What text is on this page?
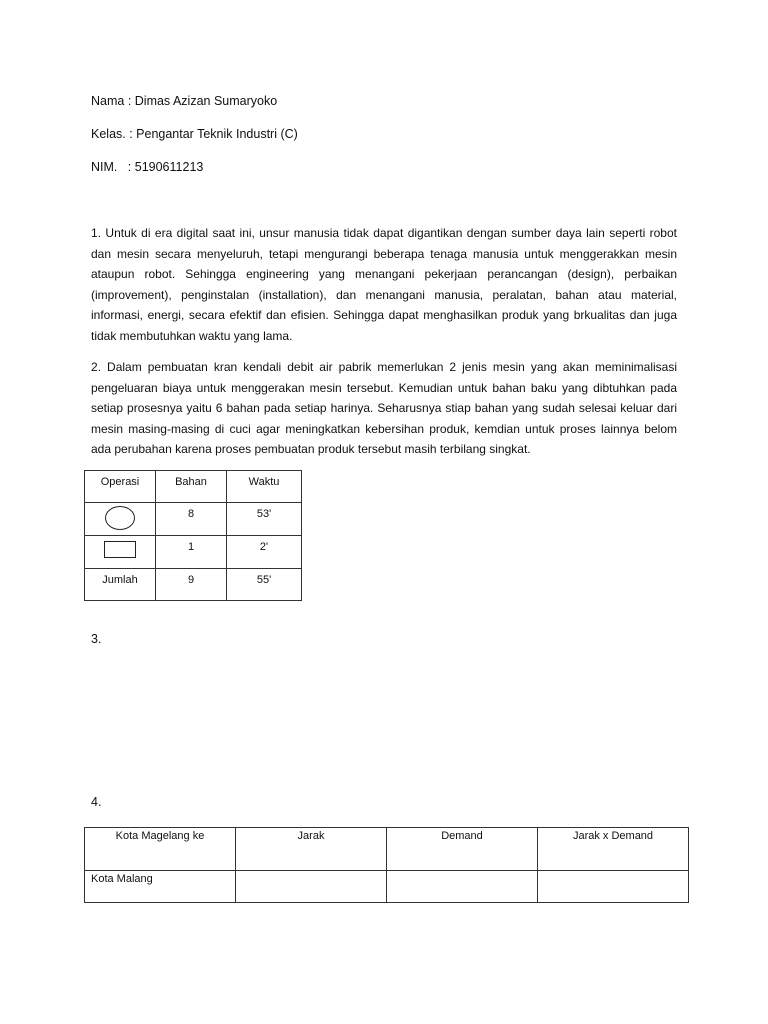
Nama : Dimas Azizan Sumaryoko
Kelas. : Pengantar Teknik Industri (C)
NIM.   : 5190611213

1. Untuk di era digital saat ini, unsur manusia tidak dapat digantikan dengan sumber daya lain seperti robot dan mesin secara menyeluruh, tetapi mengurangi beberapa tenaga manusia untuk menggerakkan mesin ataupun robot. Sehingga engineering yang menangani pekerjaan perancangan (design), perbaikan (improvement), penginstalan (installation), dan menangani manusia, peralatan, bahan atau material, informasi, energi, secara efektif dan efisien. Sehingga dapat menghasilkan produk yang brkualitas dan juga tidak membutuhkan waktu yang lama.

2. Dalam pembuatan kran kendali debit air pabrik memerlukan 2 jenis mesin yang akan meminimalisasi pengeluaran biaya untuk menggerakan mesin tersebut. Kemudian untuk bahan baku yang dibtuhkan pada setiap prosesnya yaitu 6 bahan pada setiap harinya. Seharusnya stiap bahan yang sudah selesai keluar dari mesin masing-masing di cuci agar meningkatkan kebersihan produk, kemdian untuk proses lainnya belom ada perubahan karena proses pembuatan produk tersebut masih terbilang singkat.

Operasi	Bahan	Waktu

	8	53'

	1	2'
Jumlah	9	55'
3.
4.
Kota Magelang ke	Jarak	Demand	Jarak x Demand
Kota Malang			
